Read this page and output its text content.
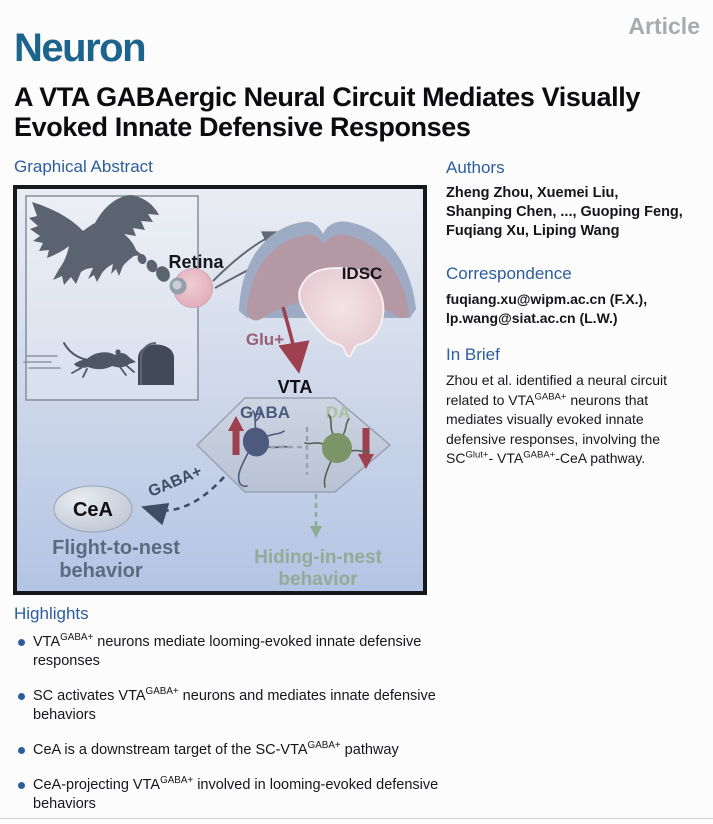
Neuron	Article
A VTA GABAergic Neural Circuit Mediates Visually Evoked Innate Defensive Responses
Graphical Abstract
Retina
IDSC
Glu+
VTA
GABA DA
GABA+
CeA
Flight-to-nest
behavior
Hiding-in-nest
behavior
Authors
Zheng Zhou, Xuemei Liu,
Shanping Chen, ..., Guoping Feng,
Fuqiang Xu, Liping Wang
Correspondence
fuqiang.xu@wipm.ac.cn (F.X.),
lp.wang@siat.ac.cn (L.W.)
In Brief
Zhou et al. identified a neural circuit related to $VTA^{GABA+}$ neurons that mediates visually evoked innate defensive responses, involving the $SC^{Glut+}-$ $VTA^{GABA+}$-CeA pathway.
Highlights
$VTA^{GABA+}$ neurons mediate looming-evoked innate defensive responses
SC activates $VTA^{GABA+}$ neurons and mediates innate defensive behaviors
CeA is a downstream target of the $SC-VTA^{GABA+}$ pathway
CeA-projecting $VTA^{GABA+}$ involved in looming-evoked defensive behaviors
